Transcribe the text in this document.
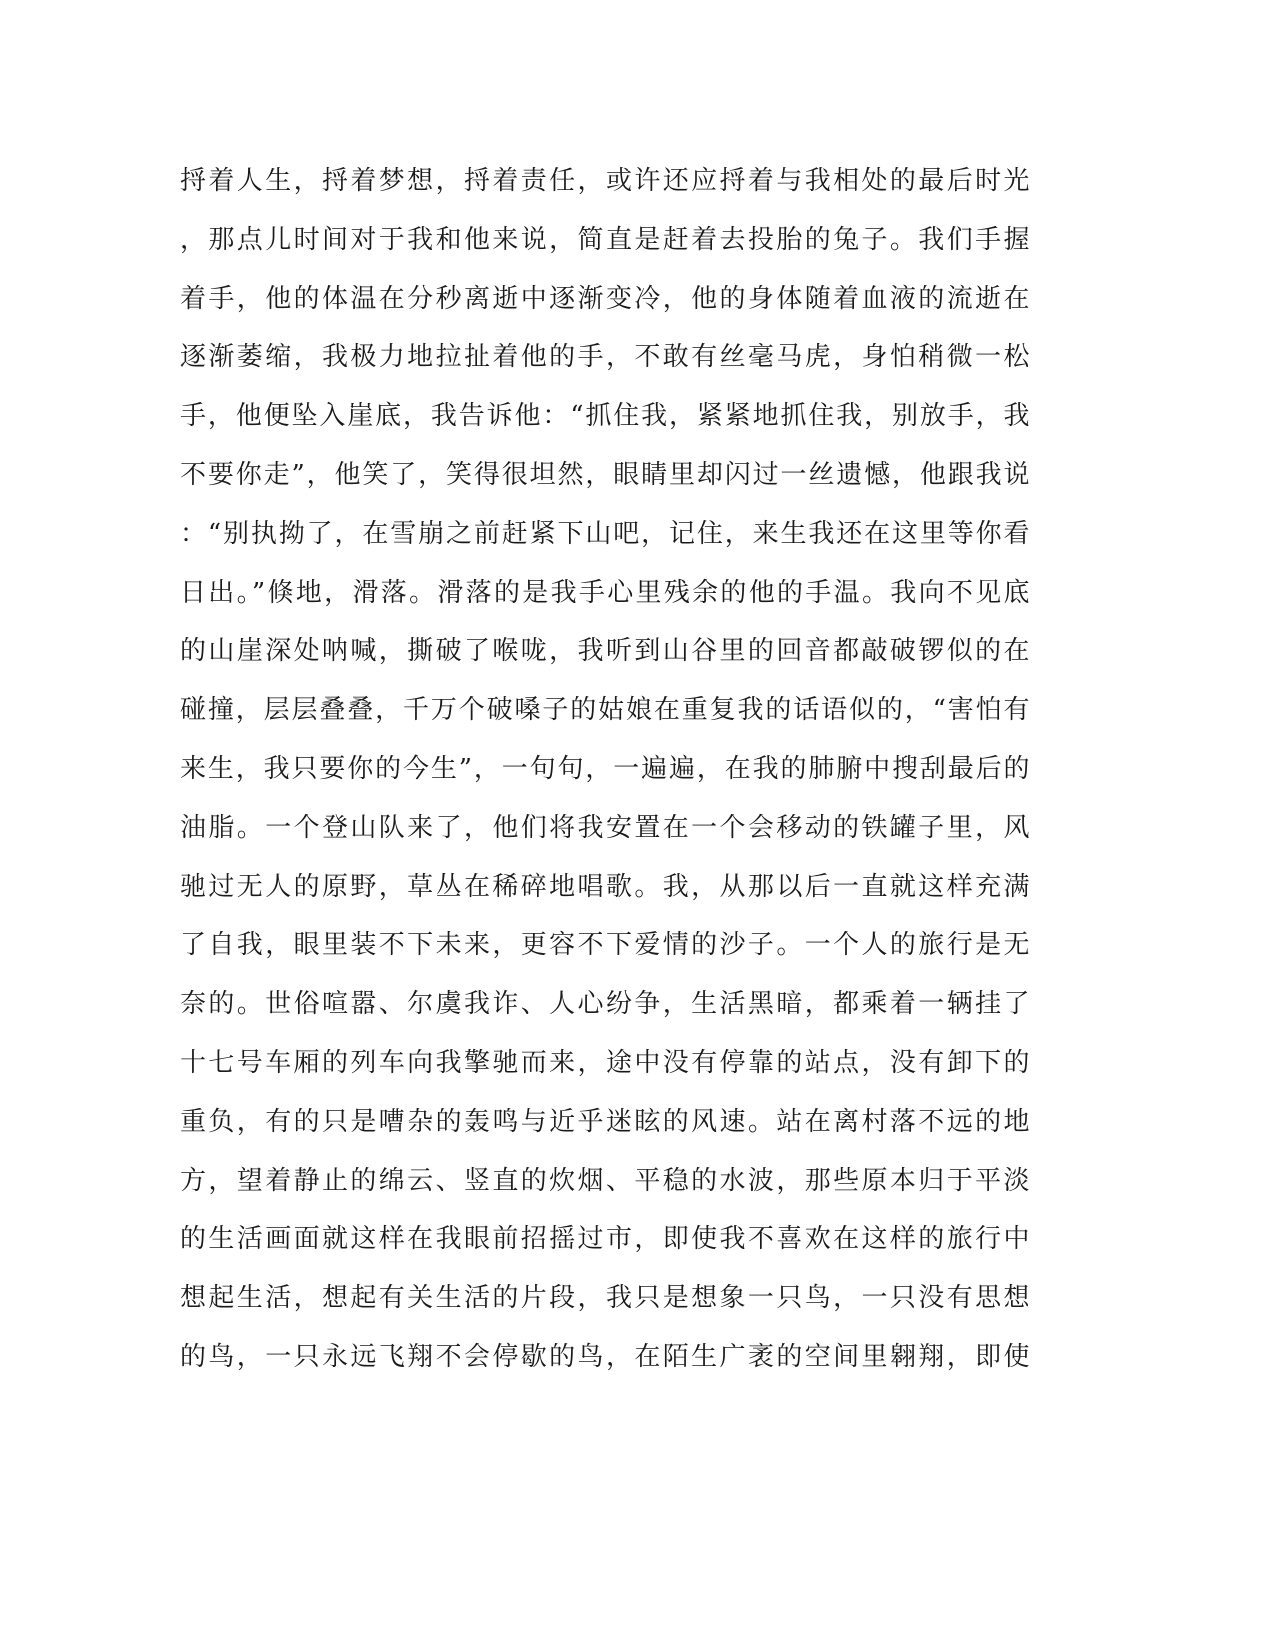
捋着人生，捋着梦想，捋着责任，或许还应捋着与我相处的最后时光
，那点儿时间对于我和他来说，简直是赶着去投胎的兔子。我们手握
着手，他的体温在分秒离逝中逐渐变冷，他的身体随着血液的流逝在
逐渐萎缩，我极力地拉扯着他的手，不敢有丝毫马虎，身怕稍微一松
手，他便坠入崖底，我告诉他：“抓住我，紧紧地抓住我，别放手，我
不要你走”，他笑了，笑得很坦然，眼睛里却闪过一丝遗憾，他跟我说
：“别执拗了，在雪崩之前赶紧下山吧，记住，来生我还在这里等你看
日出。”倏地，滑落。滑落的是我手心里残余的他的手温。我向不见底
的山崖深处呐喊，撕破了喉咙，我听到山谷里的回音都敲破锣似的在
碰撞，层层叠叠，千万个破嗓子的姑娘在重复我的话语似的，“害怕有
来生，我只要你的今生”，一句句，一遍遍，在我的肺腑中搜刮最后的
油脂。一个登山队来了，他们将我安置在一个会移动的铁罐子里，风
驰过无人的原野，草丛在稀碎地唱歌。我，从那以后一直就这样充满
了自我，眼里装不下未来，更容不下爱情的沙子。一个人的旅行是无
奈的。世俗喧嚣、尔虞我诈、人心纷争，生活黑暗，都乘着一辆挂了
十七号车厢的列车向我擎驰而来，途中没有停靠的站点，没有卸下的
重负，有的只是嘈杂的轰鸣与近乎迷眩的风速。站在离村落不远的地
方，望着静止的绵云、竖直的炊烟、平稳的水波，那些原本归于平淡
的生活画面就这样在我眼前招摇过市，即使我不喜欢在这样的旅行中
想起生活，想起有关生活的片段，我只是想象一只鸟，一只没有思想
的鸟，一只永远飞翔不会停歇的鸟，在陌生广袤的空间里翱翔，即使
